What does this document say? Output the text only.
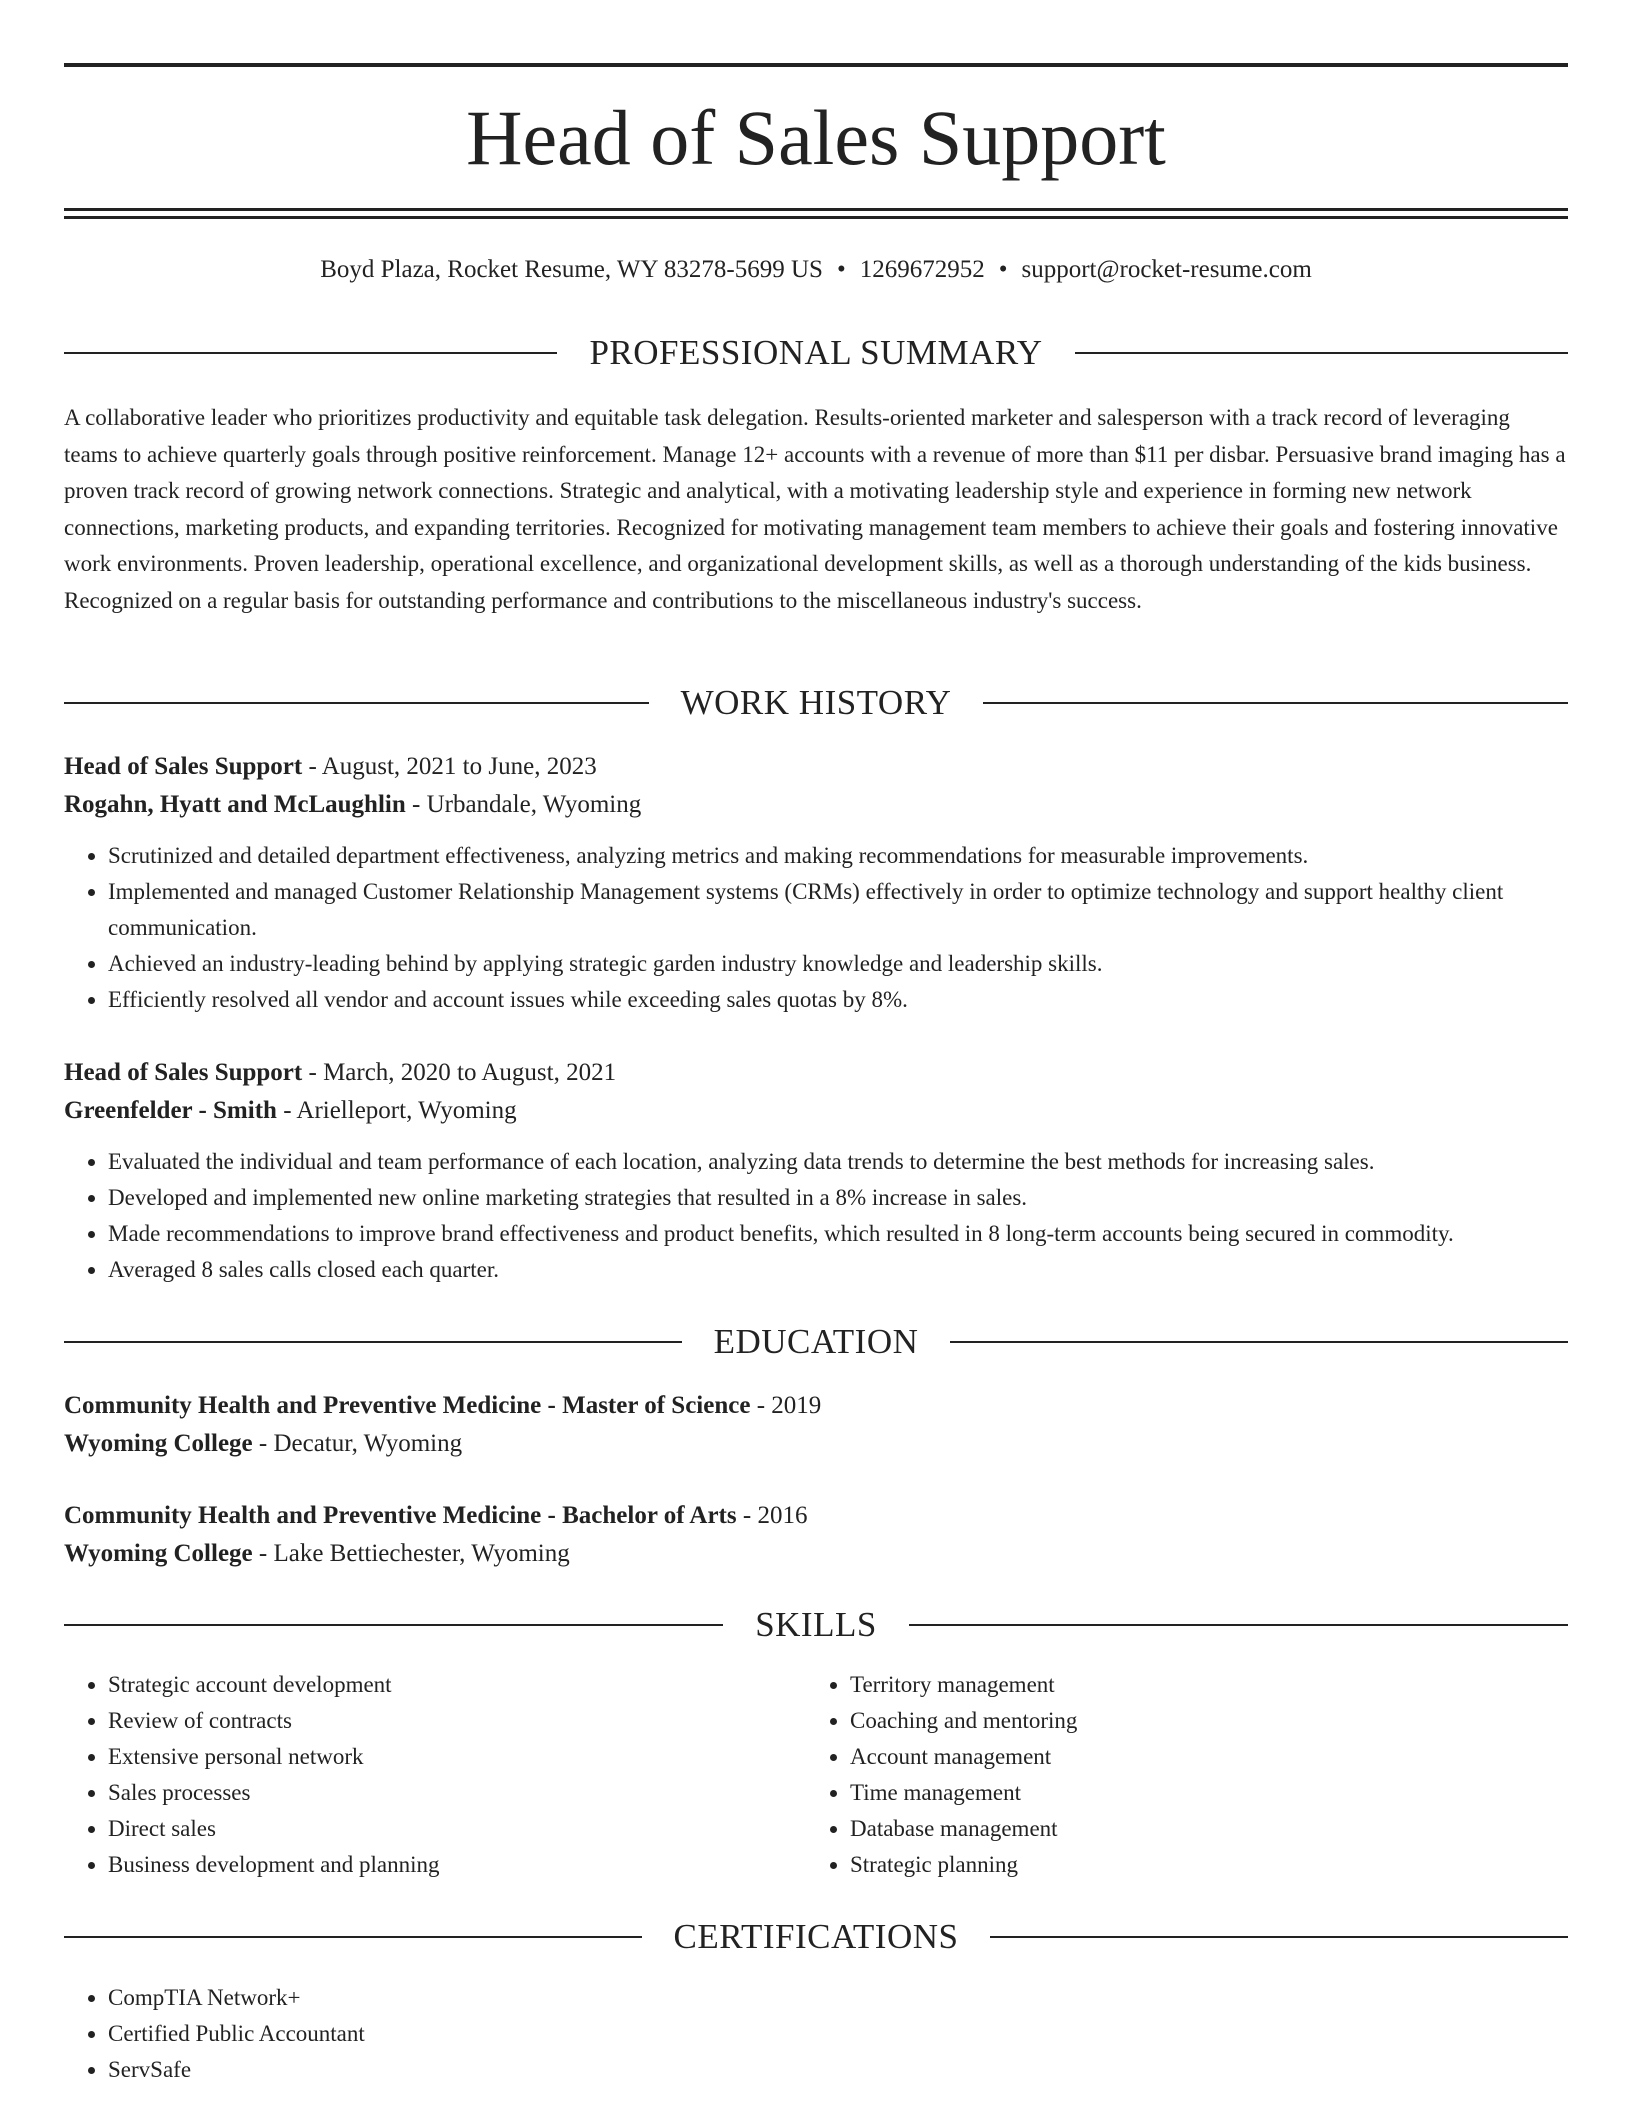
Head of Sales Support
Boyd Plaza, Rocket Resume, WY 83278-5699 US • 1269672952 • support@rocket-resume.com
PROFESSIONAL SUMMARY

A collaborative leader who prioritizes productivity and equitable task delegation. Results-oriented marketer and salesperson with a track record of leveraging teams to achieve quarterly goals through positive reinforcement. Manage 12+ accounts with a revenue of more than $11 per disbar. Persuasive brand imaging has a proven track record of growing network connections. Strategic and analytical, with a motivating leadership style and experience in forming new network connections, marketing products, and expanding territories. Recognized for motivating management team members to achieve their goals and fostering innovative work environments. Proven leadership, operational excellence, and organizational development skills, as well as a thorough understanding of the kids business. Recognized on a regular basis for outstanding performance and contributions to the miscellaneous industry's success.

WORK HISTORY
Head of Sales Support - August, 2021 to June, 2023
Rogahn, Hyatt and McLaughlin - Urbandale, Wyoming
• Scrutinized and detailed department effectiveness, analyzing metrics and making recommendations for measurable improvements.
• Implemented and managed Customer Relationship Management systems (CRMs) effectively in order to optimize technology and support healthy client communication.
• Achieved an industry-leading behind by applying strategic garden industry knowledge and leadership skills.
• Efficiently resolved all vendor and account issues while exceeding sales quotas by 8%.
Head of Sales Support - March, 2020 to August, 2021
Greenfelder - Smith - Arielleport, Wyoming
• Evaluated the individual and team performance of each location, analyzing data trends to determine the best methods for increasing sales.
• Developed and implemented new online marketing strategies that resulted in a 8% increase in sales.
• Made recommendations to improve brand effectiveness and product benefits, which resulted in 8 long-term accounts being secured in commodity.
• Averaged 8 sales calls closed each quarter.
EDUCATION
Community Health and Preventive Medicine - Master of Science - 2019
Wyoming College - Decatur, Wyoming
Community Health and Preventive Medicine - Bachelor of Arts - 2016
Wyoming College - Lake Bettiechester, Wyoming
SKILLS
• Strategic account development
• Review of contracts
• Extensive personal network
• Sales processes
• Direct sales
• Business development and planning
• Territory management
• Coaching and mentoring
• Account management
• Time management
• Database management
• Strategic planning
CERTIFICATIONS
• CompTIA Network+
• Certified Public Accountant
• ServSafe
